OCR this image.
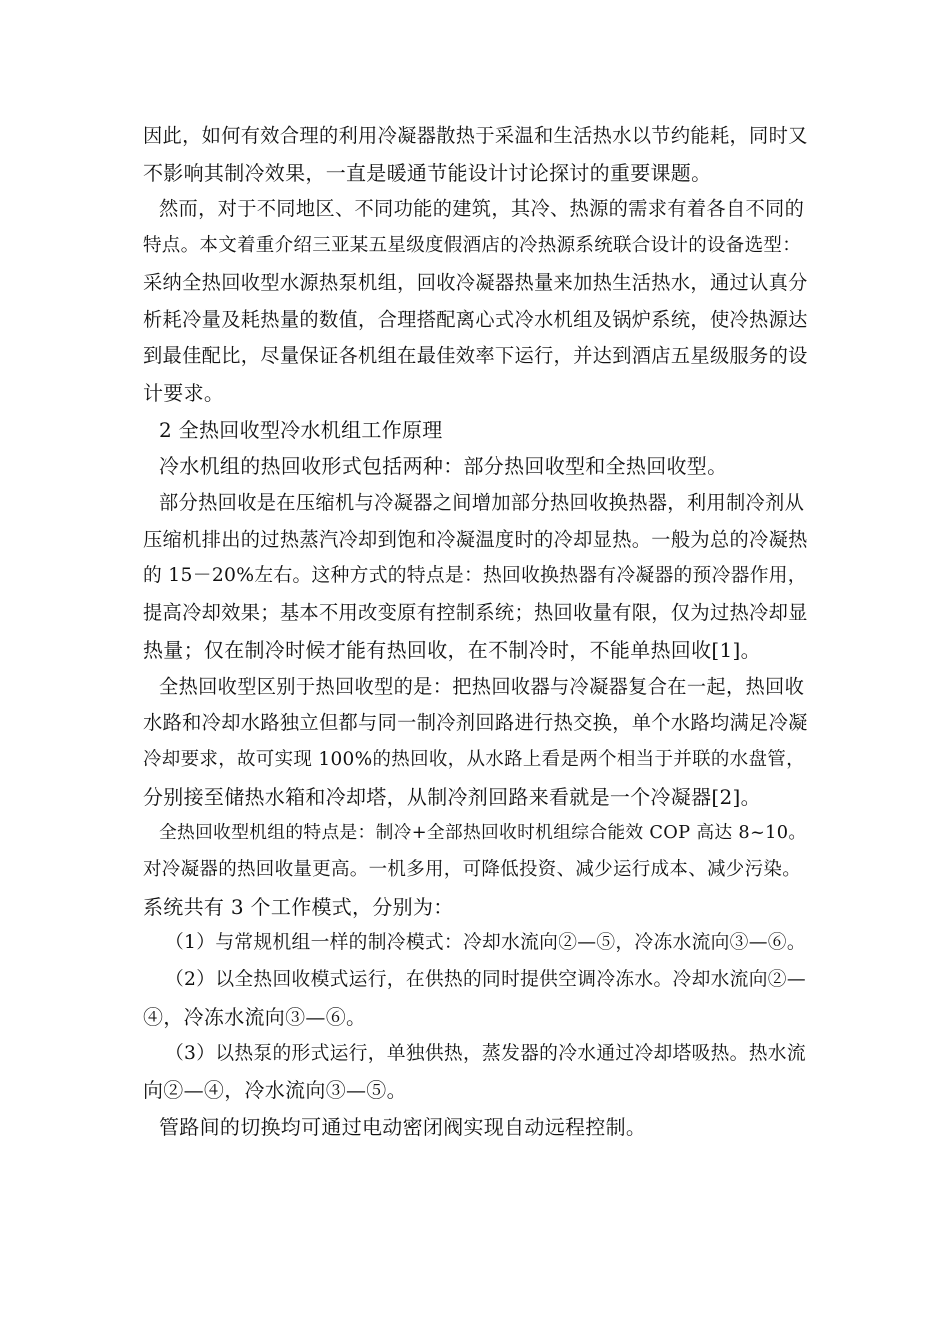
因此，如何有效合理的利用冷凝器散热于采温和生活热水以节约能耗，同时又
不影响其制冷效果，一直是暖通节能设计讨论探讨的重要课题。
然而，对于不同地区、不同功能的建筑，其冷、热源的需求有着各自不同的
特点。本文着重介绍三亚某五星级度假酒店的冷热源系统联合设计的设备选型：
采纳全热回收型水源热泵机组，回收冷凝器热量来加热生活热水，通过认真分
析耗冷量及耗热量的数值，合理搭配离心式冷水机组及锅炉系统，使冷热源达
到最佳配比，尽量保证各机组在最佳效率下运行，并达到酒店五星级服务的设
计要求。
2 全热回收型冷水机组工作原理
冷水机组的热回收形式包括两种：部分热回收型和全热回收型。
部分热回收是在压缩机与冷凝器之间增加部分热回收换热器，利用制冷剂从
压缩机排出的过热蒸汽冷却到饱和冷凝温度时的冷却显热。一般为总的冷凝热
的 15－20%左右。这种方式的特点是：热回收换热器有冷凝器的预冷器作用，
提高冷却效果；基本不用改变原有控制系统；热回收量有限，仅为过热冷却显
热量；仅在制冷时候才能有热回收，在不制冷时，不能单热回收[1]。
全热回收型区别于热回收型的是：把热回收器与冷凝器复合在一起，热回收
水路和冷却水路独立但都与同一制冷剂回路进行热交换，单个水路均满足冷凝
冷却要求，故可实现 100%的热回收，从水路上看是两个相当于并联的水盘管，
分别接至储热水箱和冷却塔，从制冷剂回路来看就是一个冷凝器[2]。
全热回收型机组的特点是：制冷+全部热回收时机组综合能效 COP 高达 8~10。
对冷凝器的热回收量更高。一机多用，可降低投资、减少运行成本、减少污染。
系统共有 3 个工作模式，分别为：
（1）与常规机组一样的制冷模式：冷却水流向②—⑤，冷冻水流向③—⑥。
（2）以全热回收模式运行，在供热的同时提供空调冷冻水。冷却水流向②—
④，冷冻水流向③—⑥。
（3）以热泵的形式运行，单独供热，蒸发器的冷水通过冷却塔吸热。热水流
向②—④，冷水流向③—⑤。
管路间的切换均可通过电动密闭阀实现自动远程控制。
